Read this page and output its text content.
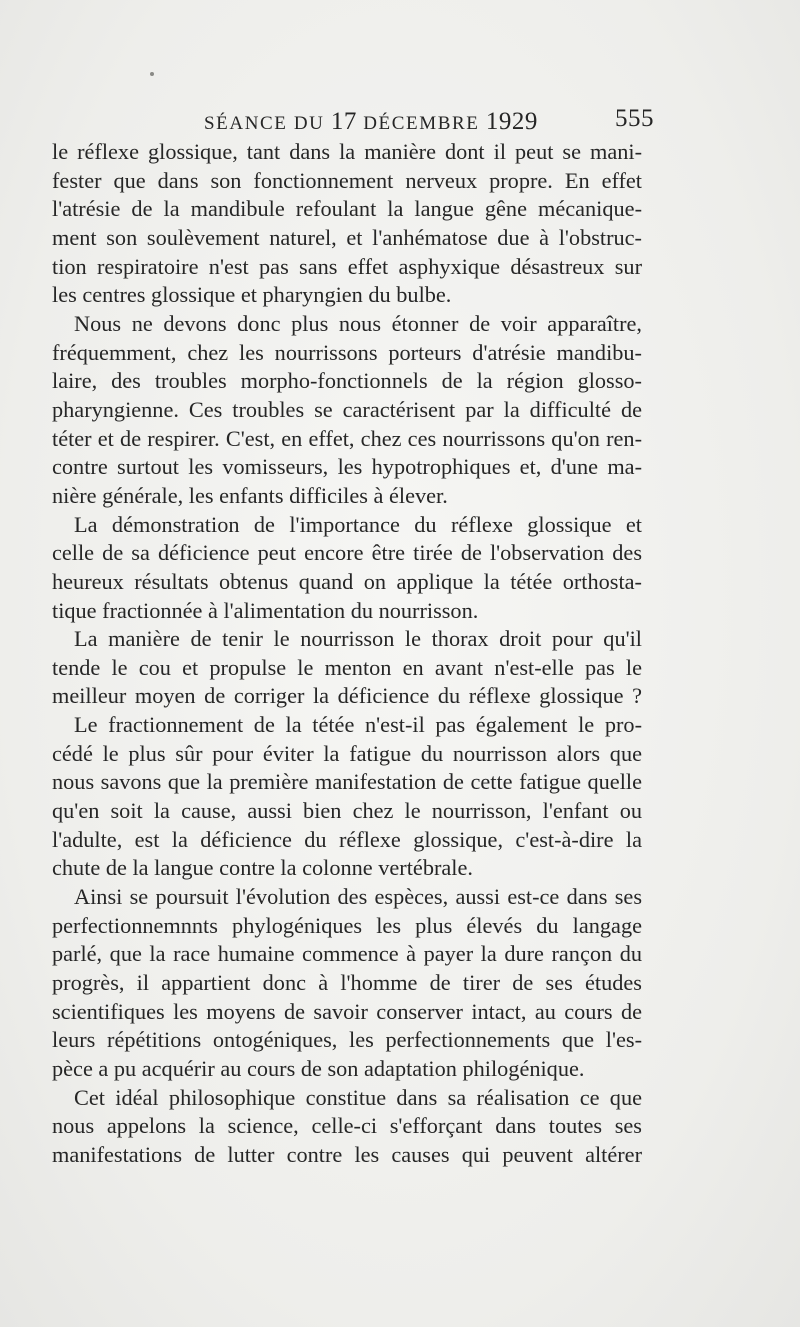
SÉANCE DU 17 DÉCEMBRE 1929	555
le réflexe glossique, tant dans la manière dont il peut se mani-
fester que dans son fonctionnement nerveux propre. En effet
l'atrésie de la mandibule refoulant la langue gêne mécanique-
ment son soulèvement naturel, et l'anhématose due à l'obstruc-
tion respiratoire n'est pas sans effet asphyxique désastreux sur
les centres glossique et pharyngien du bulbe.
Nous ne devons donc plus nous étonner de voir apparaître,
fréquemment, chez les nourrissons porteurs d'atrésie mandibu-
laire, des troubles morpho-fonctionnels de la région glosso-
pharyngienne. Ces troubles se caractérisent par la difficulté de
téter et de respirer. C'est, en effet, chez ces nourrissons qu'on ren-
contre surtout les vomisseurs, les hypotrophiques et, d'une ma-
nière générale, les enfants difficiles à élever.
La démonstration de l'importance du réflexe glossique et
celle de sa déficience peut encore être tirée de l'observation des
heureux résultats obtenus quand on applique la tétée orthosta-
tique fractionnée à l'alimentation du nourrisson.
La manière de tenir le nourrisson le thorax droit pour qu'il
tende le cou et propulse le menton en avant n'est-elle pas le
meilleur moyen de corriger la déficience du réflexe glossique ?
Le fractionnement de la tétée n'est-il pas également le pro-
cédé le plus sûr pour éviter la fatigue du nourrisson alors que
nous savons que la première manifestation de cette fatigue quelle
qu'en soit la cause, aussi bien chez le nourrisson, l'enfant ou
l'adulte, est la déficience du réflexe glossique, c'est-à-dire la
chute de la langue contre la colonne vertébrale.
Ainsi se poursuit l'évolution des espèces, aussi est-ce dans ses
perfectionnemnnts phylogéniques les plus élevés du langage
parlé, que la race humaine commence à payer la dure rançon du
progrès, il appartient donc à l'homme de tirer de ses études
scientifiques les moyens de savoir conserver intact, au cours de
leurs répétitions ontogéniques, les perfectionnements que l'es-
pèce a pu acquérir au cours de son adaptation philogénique.
Cet idéal philosophique constitue dans sa réalisation ce que
nous appelons la science, celle-ci s'efforçant dans toutes ses
manifestations de lutter contre les causes qui peuvent altérer
